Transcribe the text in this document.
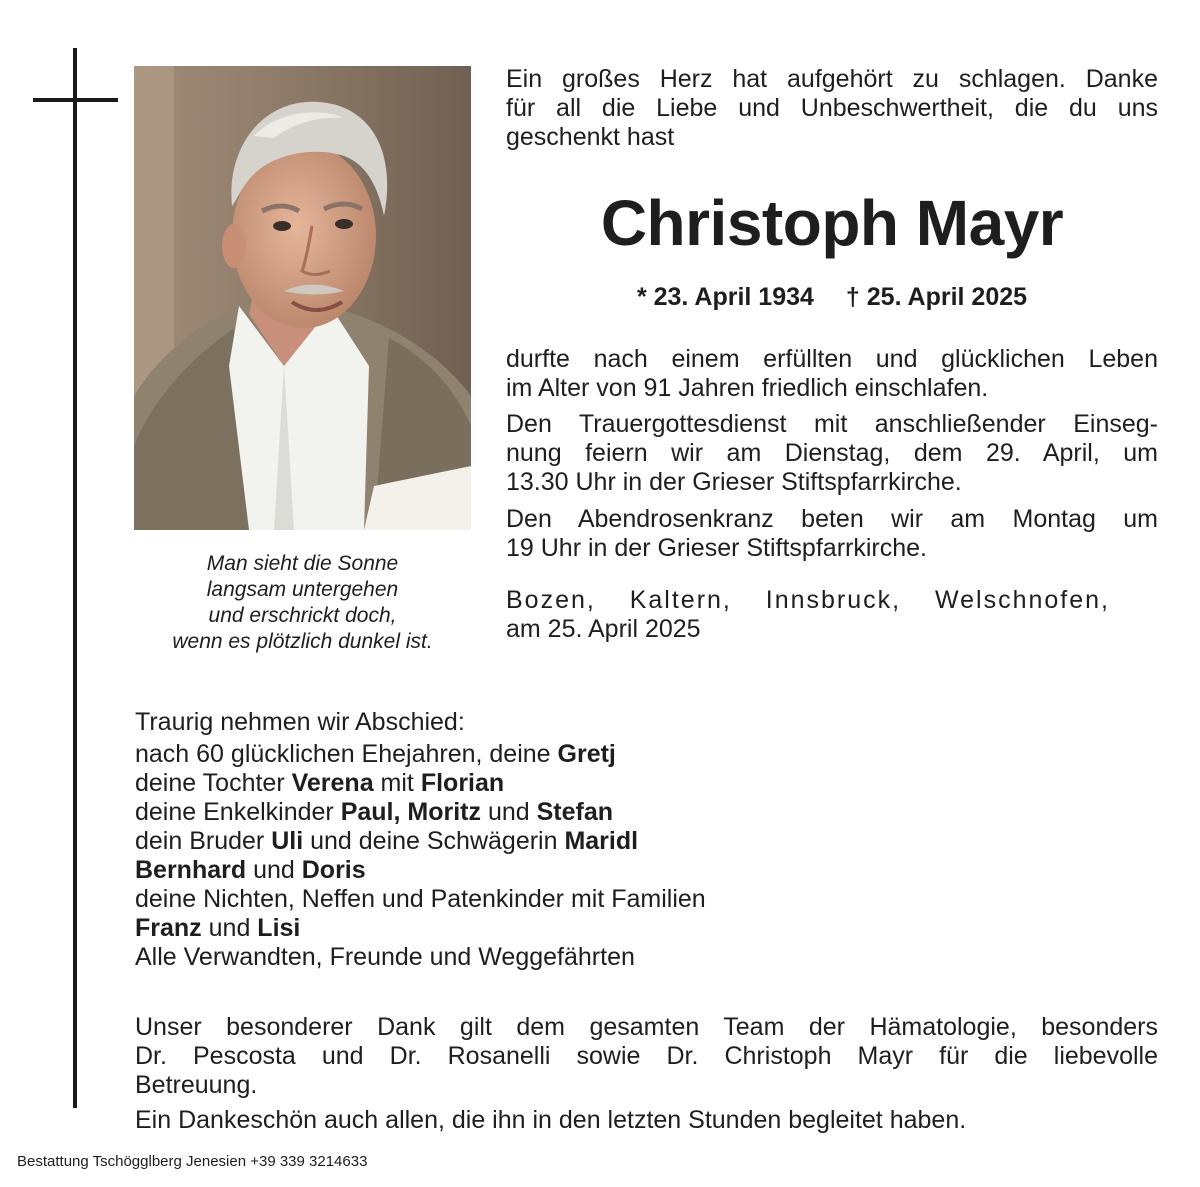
Man sieht die Sonne
langsam untergehen
und erschrickt doch,
wenn es plötzlich dunkel ist.
Ein großes Herz hat aufgehört zu schlagen. Danke
für all die Liebe und Unbeschwertheit, die du uns
geschenkt hast
Christoph Mayr
* 23. April 1934 † 25. April 2025
durfte nach einem erfüllten und glücklichen Leben
im Alter von 91 Jahren friedlich einschlafen.
Den Trauergottesdienst mit anschließender Einseg-
nung feiern wir am Dienstag, dem 29. April, um
13.30 Uhr in der Grieser Stiftspfarrkirche.
Den Abendrosenkranz beten wir am Montag um
19 Uhr in der Grieser Stiftspfarrkirche.
Bozen, Kaltern, Innsbruck, Welschnofen,
am 25. April 2025
Traurig nehmen wir Abschied:
nach 60 glücklichen Ehejahren, deine Gretj
deine Tochter Verena mit Florian
deine Enkelkinder Paul, Moritz und Stefan
dein Bruder Uli und deine Schwägerin Maridl
Bernhard und Doris
deine Nichten, Neffen und Patenkinder mit Familien
Franz und Lisi
Alle Verwandten, Freunde und Weggefährten
Unser besonderer Dank gilt dem gesamten Team der Hämatologie, besonders
Dr. Pescosta und Dr. Rosanelli sowie Dr. Christoph Mayr für die liebevolle
Betreuung.
Ein Dankeschön auch allen, die ihn in den letzten Stunden begleitet haben.
Bestattung Tschögglberg Jenesien +39 339 3214633
